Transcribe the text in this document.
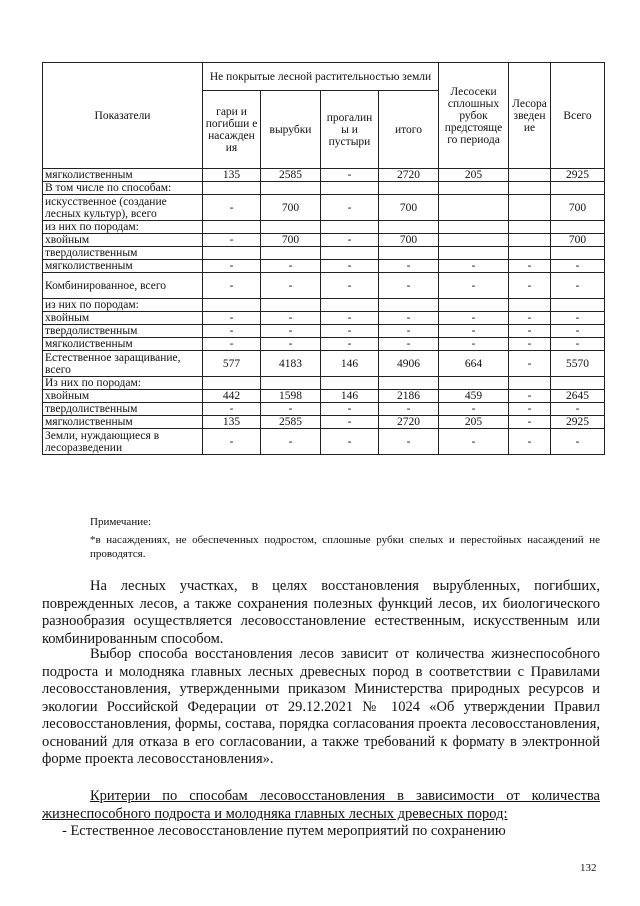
Показатели	Не покрытые лесной растительностью земли				Лесосеки сплошных рубок предстояще го периода	Лесора зведен ие	Всего
	гари и погибши е насажден ия	вырубки	прогалин ы и пустыри	итого			
мягколиственным	135	2585	-	2720	205		2925
В том числе по способам:							
искусственное (создание лесных культур), всего	-	700	-	700			700
из них по породам:							
хвойным	-	700	-	700			700
твердолиственным							
мягколиственным	-	-	-	-	-	-	-
Комбинированное, всего	-	-	-	-	-	-	-
из них по породам:							
хвойным	-	-	-	-	-	-	-
твердолиственным	-	-	-	-	-	-	-
мягколиственным	-	-	-	-	-	-	-
Естественное заращивание, всего	577	4183	146	4906	664	-	5570
Из них по породам:							
хвойным	442	1598	146	2186	459	-	2645
твердолиственным	-	-	-	-	-	-	-
мягколиственным	135	2585	-	2720	205	-	2925
Земли, нуждающиеся в лесоразведении	-	-	-	-	-	-	-

Примечание:

*в насаждениях, не обеспеченных подростом, сплошные рубки спелых и перестойных насаждений не проводятся.

На лесных участках, в целях восстановления вырубленных, погибших, поврежденных лесов, а также сохранения полезных функций лесов, их биологического разнообразия осуществляется лесовосстановление естественным, искусственным или комбинированным способом.

Выбор способа восстановления лесов зависит от количества жизнеспособного подроста и молодняка главных лесных древесных пород в соответствии с Правилами лесовосстановления, утвержденными приказом Министерства природных ресурсов и экологии Российской Федерации от 29.12.2021 № 1024 «Об утверждении Правил лесовосстановления, формы, состава, порядка согласования проекта лесовосстановления, оснований для отказа в его согласовании, а также требований к формату в электронной форме проекта лесовосстановления».

Критерии по способам лесовосстановления в зависимости от количества жизнеспособного подроста и молодняка главных лесных древесных пород:

- Естественное лесовосстановление путем мероприятий по сохранению

132
